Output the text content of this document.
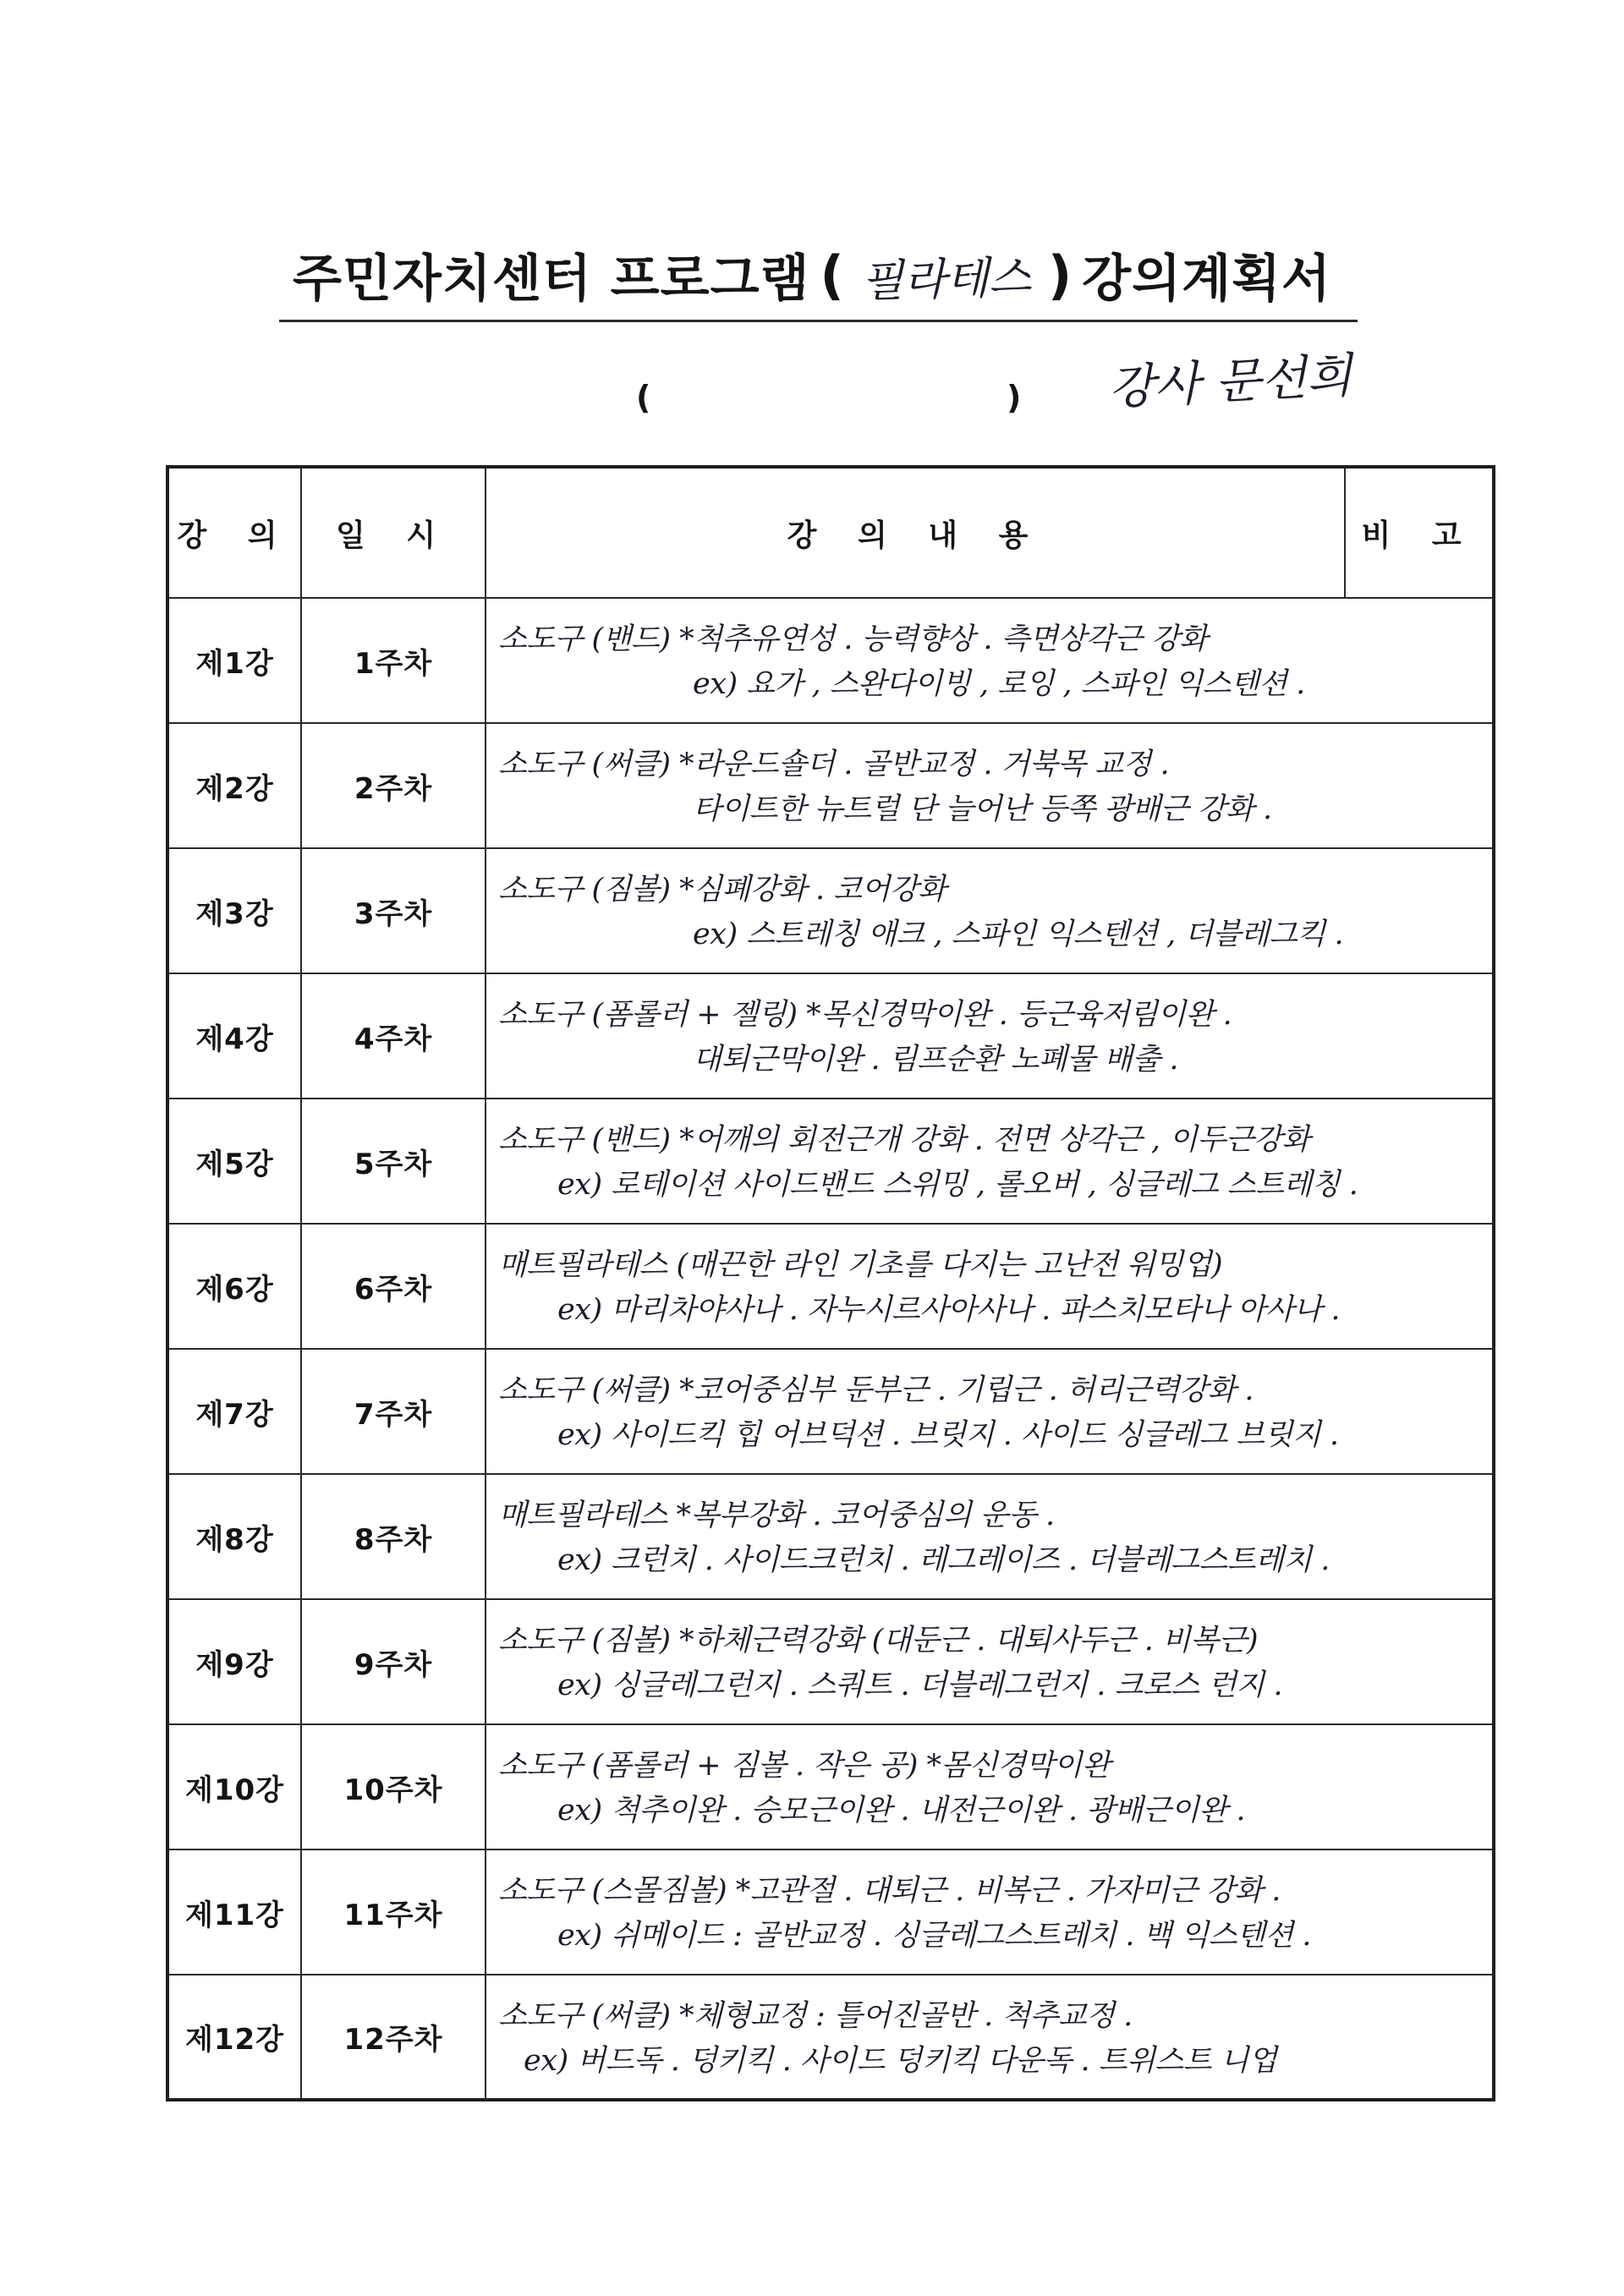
주민자치센터 프로그램 ( 필라테스 ) 강의계획서
강사 문선희
(	)
강 의	일 시	강 의 내 용	비 고
제1강	1주차	소도구 (밴드) *척추유연성 . 능력향상 . 측면상각근 강화
ex) 요가 , 스완다이빙 , 로잉 , 스파인 익스텐션 .	

제2강	2주차	소도구 (써클) *라운드숄더 . 골반교정 . 거북목 교정 .
타이트한 뉴트럴 단 늘어난 등쪽 광배근 강화 .	

제3강	3주차	소도구 (짐볼) *심폐강화 . 코어강화
ex) 스트레칭 애크 , 스파인 익스텐션 , 더블레그킥 .	

제4강	4주차	소도구 (폼롤러 + 젤링) *목신경막이완 . 등근육저림이완 .
대퇴근막이완 . 림프순환 노폐물 배출 .	

제5강	5주차	소도구 (밴드) *어깨의 회전근개 강화 . 전면 상각근 , 이두근강화
ex) 로테이션 사이드밴드 스위밍 , 롤오버 , 싱글레그 스트레칭 .	

제6강	6주차	매트필라테스 (매끈한 라인 기초를 다지는 고난전 워밍업)
ex) 마리차야사나 . 자누시르사아사나 . 파스치모타나 아사나 .	

제7강	7주차	소도구 (써클) *코어중심부 둔부근 . 기립근 . 허리근력강화 .
ex) 사이드킥 힙 어브덕션 . 브릿지 . 사이드 싱글레그 브릿지 .	

제8강	8주차	매트필라테스 *복부강화 . 코어중심의 운동 .
ex) 크런치 . 사이드크런치 . 레그레이즈 . 더블레그스트레치 .	

제9강	9주차	소도구 (짐볼) *하체근력강화 (대둔근 . 대퇴사두근 . 비복근)
ex) 싱글레그런지 . 스쿼트 . 더블레그런지 . 크로스 런지 .	

제10강	10주차	소도구 (폼롤러 + 짐볼 . 작은 공) *몸신경막이완
ex) 척추이완 . 승모근이완 . 내전근이완 . 광배근이완 .	

제11강	11주차	소도구 (스몰짐볼) *고관절 . 대퇴근 . 비복근 . 가자미근 강화 .
ex) 쉬메이드 : 골반교정 . 싱글레그스트레치 . 백 익스텐션 .	

제12강	12주차	소도구 (써클) *체형교정 : 틀어진골반 . 척추교정 .
ex) 버드독 . 덩키킥 . 사이드 덩키킥 다운독 . 트위스트 니업	
